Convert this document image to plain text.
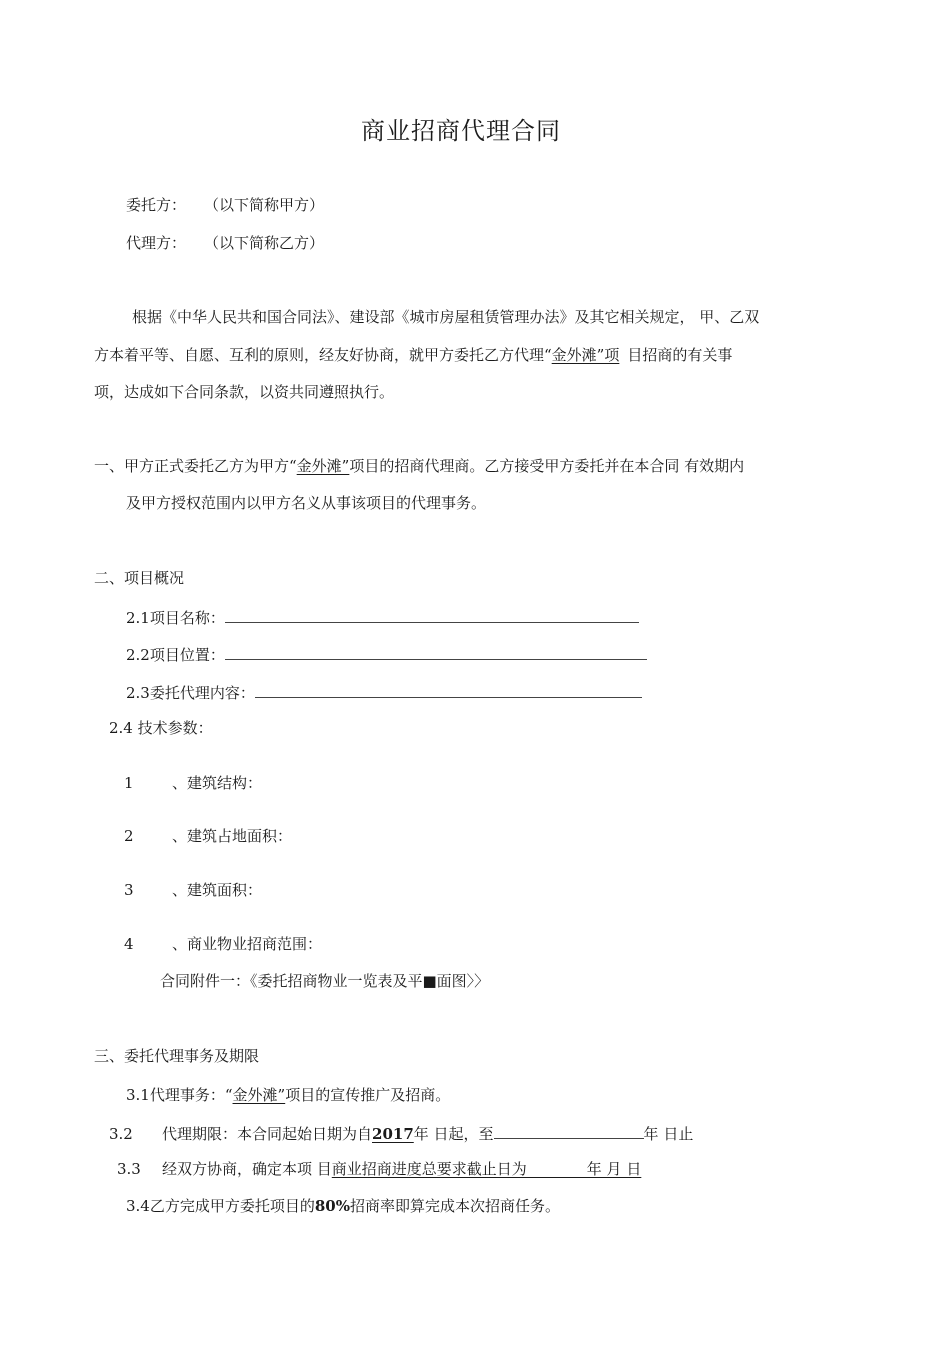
商业招商代理合同
委托方： （以下简称甲方）
代理方： （以下简称乙方）
根据《中华人民共和国合同法》、建设部《城市房屋租赁管理办法》及其它相关规定， 甲、乙双
方本着平等、自愿、互利的原则，经友好协商，就甲方委托乙方代理“金外滩”项 目招商的有关事
项，达成如下合同条款，以资共同遵照执行。
一、甲方正式委托乙方为甲方“金外滩”项目的招商代理商。乙方接受甲方委托并在本合同 有效期内
及甲方授权范围内以甲方名义从事该项目的代理事务。
二、项目概况
2.1项目名称：
2.2项目位置：
2.3委托代理内容：
2.4 技术参数：
1	、建筑结构：
2	、建筑占地面积：
3	、建筑面积：
4	、商业物业招商范围：
合同附件一：《委托招商物业一览表及平■面图〉〉
三、委托代理事务及期限
3.1代理事务：“金外滩”项目的宣传推广及招商。
3.2 代理期限：本合同起始日期为自2017年 日起，至	年 日止
3.3 经双方协商，确定本项 目商业招商进度总要求截止日为　　　　年 月 日
3.4乙方完成甲方委托项目的80%招商率即算完成本次招商任务。
